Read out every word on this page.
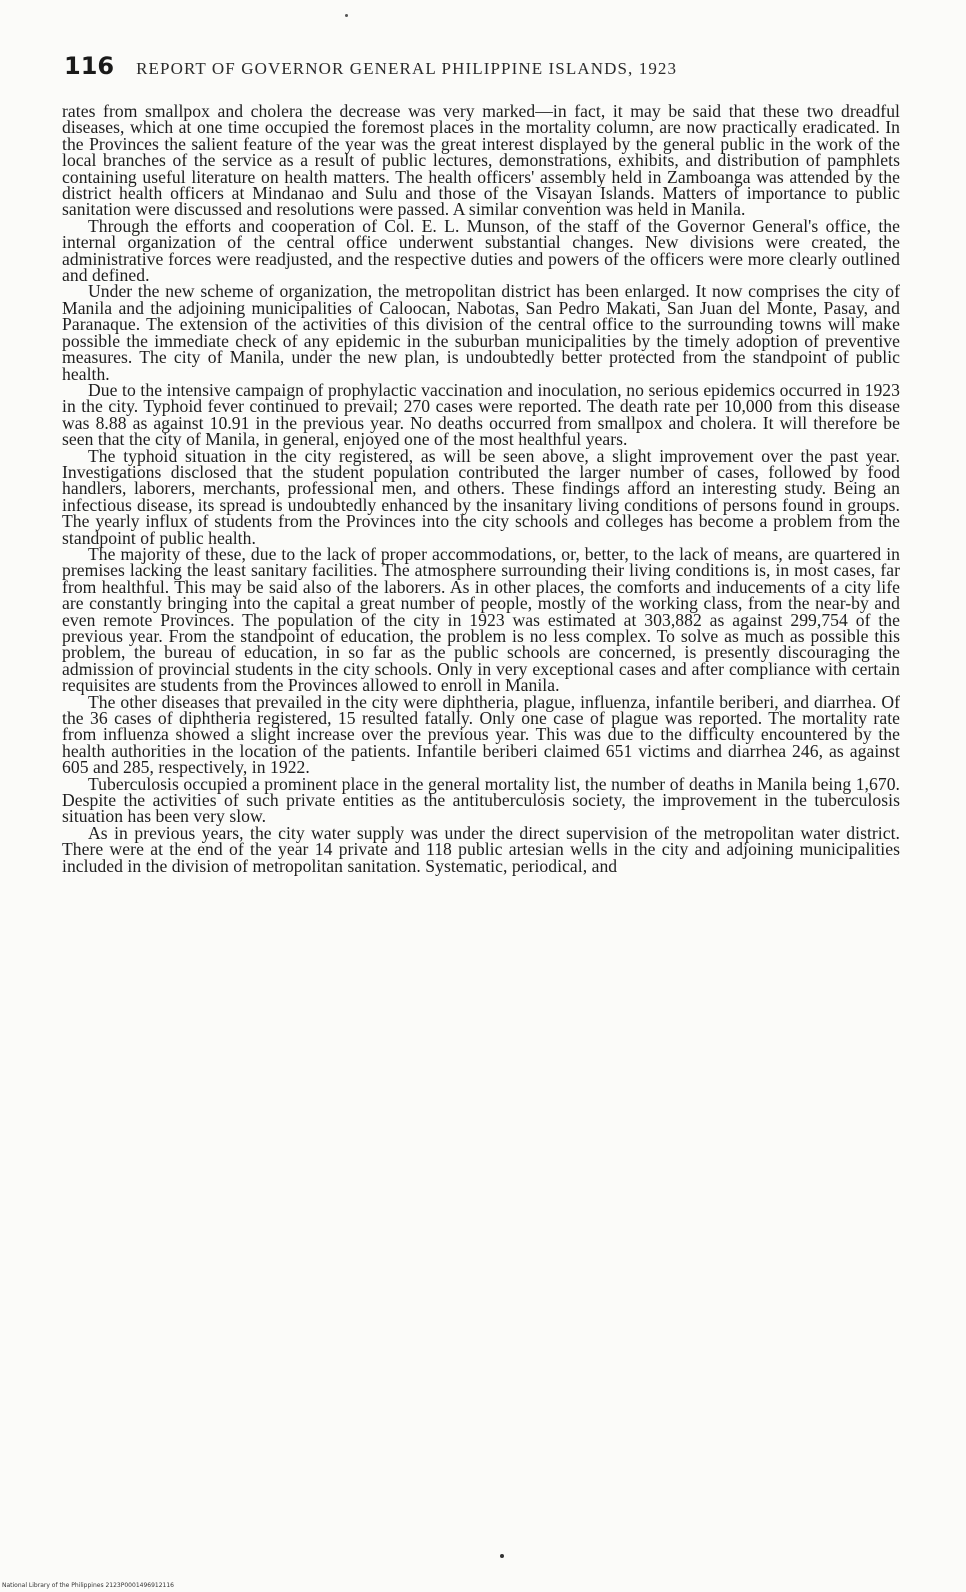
116 REPORT OF GOVERNOR GENERAL PHILIPPINE ISLANDS, 1923

rates from smallpox and cholera the decrease was very marked—in fact, it may be said that these two dreadful diseases, which at one time occupied the foremost places in the mortality column, are now practically eradicated. In the Provinces the salient feature of the year was the great interest displayed by the general public in the work of the local branches of the service as a result of public lectures, demonstrations, exhibits, and distribution of pamphlets containing useful literature on health matters. The health officers' assembly held in Zamboanga was attended by the district health officers at Mindanao and Sulu and those of the Visayan Islands. Matters of importance to public sanitation were discussed and resolutions were passed. A similar convention was held in Manila.

Through the efforts and cooperation of Col. E. L. Munson, of the staff of the Governor General's office, the internal organization of the central office underwent substantial changes. New divisions were created, the administrative forces were readjusted, and the respective duties and powers of the officers were more clearly outlined and defined.

Under the new scheme of organization, the metropolitan district has been enlarged. It now comprises the city of Manila and the adjoining municipalities of Caloocan, Nabotas, San Pedro Makati, San Juan del Monte, Pasay, and Paranaque. The extension of the activities of this division of the central office to the surrounding towns will make possible the immediate check of any epidemic in the suburban municipalities by the timely adoption of preventive measures. The city of Manila, under the new plan, is undoubtedly better protected from the standpoint of public health.

Due to the intensive campaign of prophylactic vaccination and inoculation, no serious epidemics occurred in 1923 in the city. Typhoid fever continued to prevail; 270 cases were reported. The death rate per 10,000 from this disease was 8.88 as against 10.91 in the previous year. No deaths occurred from smallpox and cholera. It will therefore be seen that the city of Manila, in general, enjoyed one of the most healthful years.

The typhoid situation in the city registered, as will be seen above, a slight improvement over the past year. Investigations disclosed that the student population contributed the larger number of cases, followed by food handlers, laborers, merchants, professional men, and others. These findings afford an interesting study. Being an infectious disease, its spread is undoubtedly enhanced by the insanitary living conditions of persons found in groups. The yearly influx of students from the Provinces into the city schools and colleges has become a problem from the standpoint of public health.

The majority of these, due to the lack of proper accommodations, or, better, to the lack of means, are quartered in premises lacking the least sanitary facilities. The atmosphere surrounding their living conditions is, in most cases, far from healthful. This may be said also of the laborers. As in other places, the comforts and inducements of a city life are constantly bringing into the capital a great number of people, mostly of the working class, from the near-by and even remote Provinces. The population of the city in 1923 was estimated at 303,882 as against 299,754 of the previous year. From the standpoint of education, the problem is no less complex. To solve as much as possible this problem, the bureau of education, in so far as the public schools are concerned, is presently discouraging the admission of provincial students in the city schools. Only in very exceptional cases and after compliance with certain requisites are students from the Provinces allowed to enroll in Manila.

The other diseases that prevailed in the city were diphtheria, plague, influenza, infantile beriberi, and diarrhea. Of the 36 cases of diphtheria registered, 15 resulted fatally. Only one case of plague was reported. The mortality rate from influenza showed a slight increase over the previous year. This was due to the difficulty encountered by the health authorities in the location of the patients. Infantile beriberi claimed 651 victims and diarrhea 246, as against 605 and 285, respectively, in 1922.

Tuberculosis occupied a prominent place in the general mortality list, the number of deaths in Manila being 1,670. Despite the activities of such private entities as the antituberculosis society, the improvement in the tuberculosis situation has been very slow.

As in previous years, the city water supply was under the direct supervision of the metropolitan water district. There were at the end of the year 14 private and 118 public artesian wells in the city and adjoining municipalities included in the division of metropolitan sanitation. Systematic, periodical, and

National Library of the Philippines 2123P0001496912116
